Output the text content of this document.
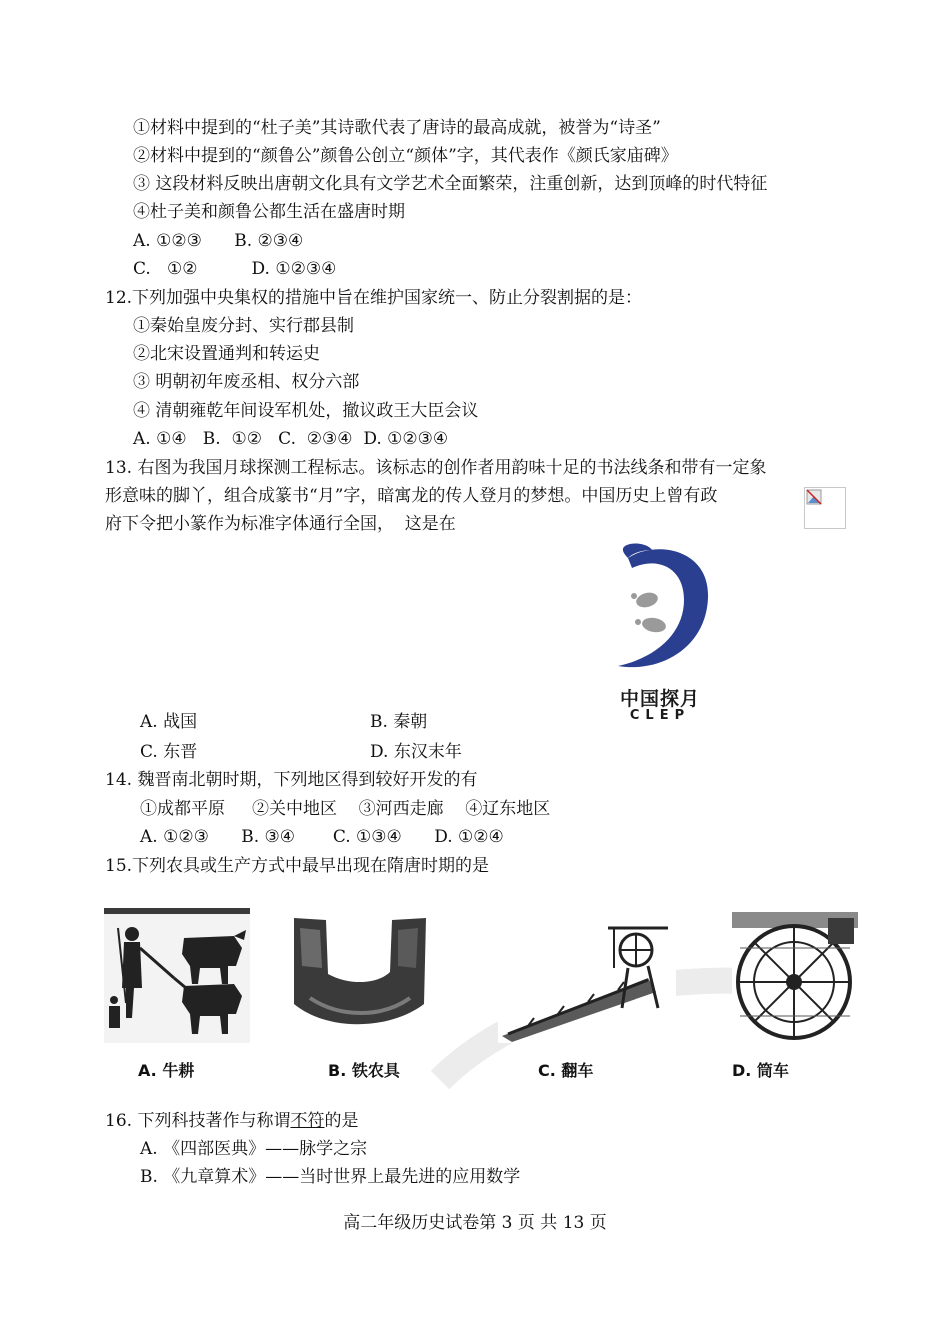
①材料中提到的“杜子美”其诗歌代表了唐诗的最高成就，被誉为“诗圣”
②材料中提到的“颜鲁公”颜鲁公创立“颜体”字，其代表作《颜氏家庙碑》
③ 这段材料反映出唐朝文化具有文学艺术全面繁荣，注重创新，达到顶峰的时代特征
④杜子美和颜鲁公都生活在盛唐时期
A. ①②③      B. ②③④
C.   ①②          D. ①②③④
12.下列加强中央集权的措施中旨在维护国家统一、防止分裂割据的是：
①秦始皇废分封、实行郡县制
②北宋设置通判和转运史
③ 明朝初年废丞相、权分六部
④ 清朝雍乾年间设军机处，撤议政王大臣会议
A. ①④   B.  ①②   C.  ②③④  D. ①②③④
13. 右图为我国月球探测工程标志。该标志的创作者用韵味十足的书法线条和带有一定象
形意味的脚丫，组合成篆书“月”字，暗寓龙的传人登月的梦想。中国历史上曾有政
府下令把小篆作为标准字体通行全国，  这是在
中国探月
CLEP
A. 战国	B. 秦朝
C. 东晋	D. 东汉末年
14. 魏晋南北朝时期，下列地区得到较好开发的有
①成都平原     ②关中地区    ③河西走廊    ④辽东地区
A. ①②③      B. ③④       C. ①③④      D. ①②④
15.下列农具或生产方式中最早出现在隋唐时期的是
A. 牛耕	B. 铁农具	C. 翻车	D. 筒车
16. 下列科技著作与称谓不符的是
A. 《四部医典》——脉学之宗
B. 《九章算术》——当时世界上最先进的应用数学
高二年级历史试卷第 3 页 共 13 页
